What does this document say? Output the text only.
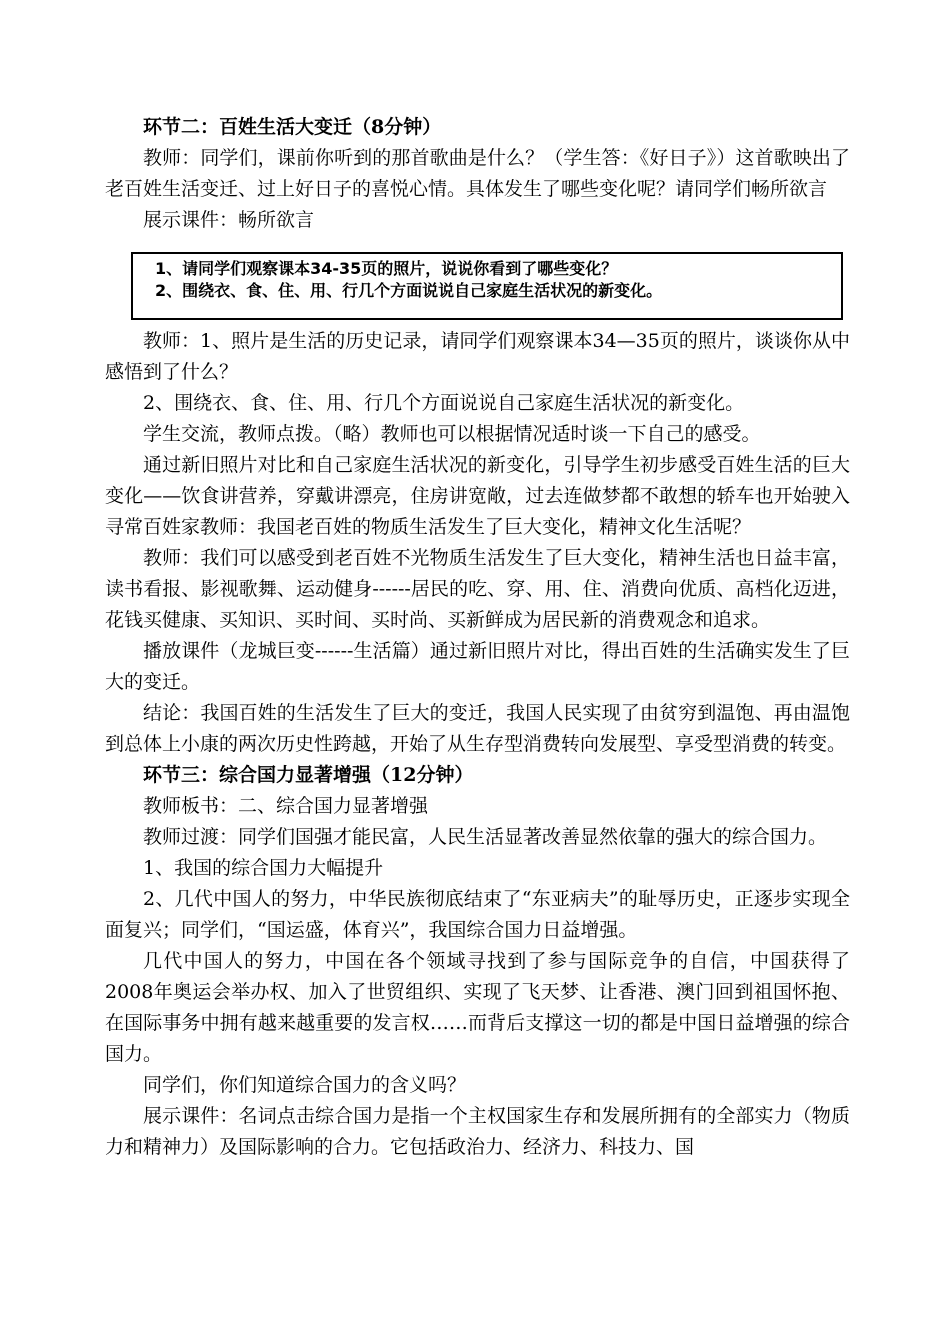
环节二：百姓生活大变迁（8分钟）

教师：同学们，课前你听到的那首歌曲是什么？（学生答：《好日子》）这首歌映出了老百姓生活变迁、过上好日子的喜悦心情。具体发生了哪些变化呢？请同学们畅所欲言

展示课件：畅所欲言

1、请同学们观察课本34-35页的照片，说说你看到了哪些变化？

2、围绕衣、食、住、用、行几个方面说说自己家庭生活状况的新变化。

教师：1、照片是生活的历史记录，请同学们观察课本34—35页的照片，谈谈你从中感悟到了什么？

2、围绕衣、食、住、用、行几个方面说说自己家庭生活状况的新变化。

学生交流，教师点拨。（略）教师也可以根据情况适时谈一下自己的感受。

通过新旧照片对比和自己家庭生活状况的新变化，引导学生初步感受百姓生活的巨大变化——饮食讲营养，穿戴讲漂亮，住房讲宽敞，过去连做梦都不敢想的轿车也开始驶入寻常百姓家教师：我国老百姓的物质生活发生了巨大变化，精神文化生活呢？

教师：我们可以感受到老百姓不光物质生活发生了巨大变化，精神生活也日益丰富，读书看报、影视歌舞、运动健身------居民的吃、穿、用、住、消费向优质、高档化迈进，花钱买健康、买知识、买时间、买时尚、买新鲜成为居民新的消费观念和追求。

播放课件（龙城巨变------生活篇）通过新旧照片对比，得出百姓的生活确实发生了巨大的变迁。

结论：我国百姓的生活发生了巨大的变迁，我国人民实现了由贫穷到温饱、再由温饱到总体上小康的两次历史性跨越，开始了从生存型消费转向发展型、享受型消费的转变。

环节三：综合国力显著增强（12分钟）

教师板书：二、综合国力显著增强

教师过渡：同学们国强才能民富，人民生活显著改善显然依靠的强大的综合国力。

1、我国的综合国力大幅提升

2、几代中国人的努力，中华民族彻底结束了“东亚病夫”的耻辱历史，正逐步实现全面复兴；同学们，“国运盛，体育兴”，我国综合国力日益增强。

几代中国人的努力，中国在各个领域寻找到了参与国际竞争的自信，中国获得了2008年奥运会举办权、加入了世贸组织、实现了飞天梦、让香港、澳门回到祖国怀抱、在国际事务中拥有越来越重要的发言权……而背后支撑这一切的都是中国日益增强的综合国力。

同学们，你们知道综合国力的含义吗？

展示课件：名词点击综合国力是指一个主权国家生存和发展所拥有的全部实力（物质力和精神力）及国际影响的合力。它包括政治力、经济力、科技力、国
